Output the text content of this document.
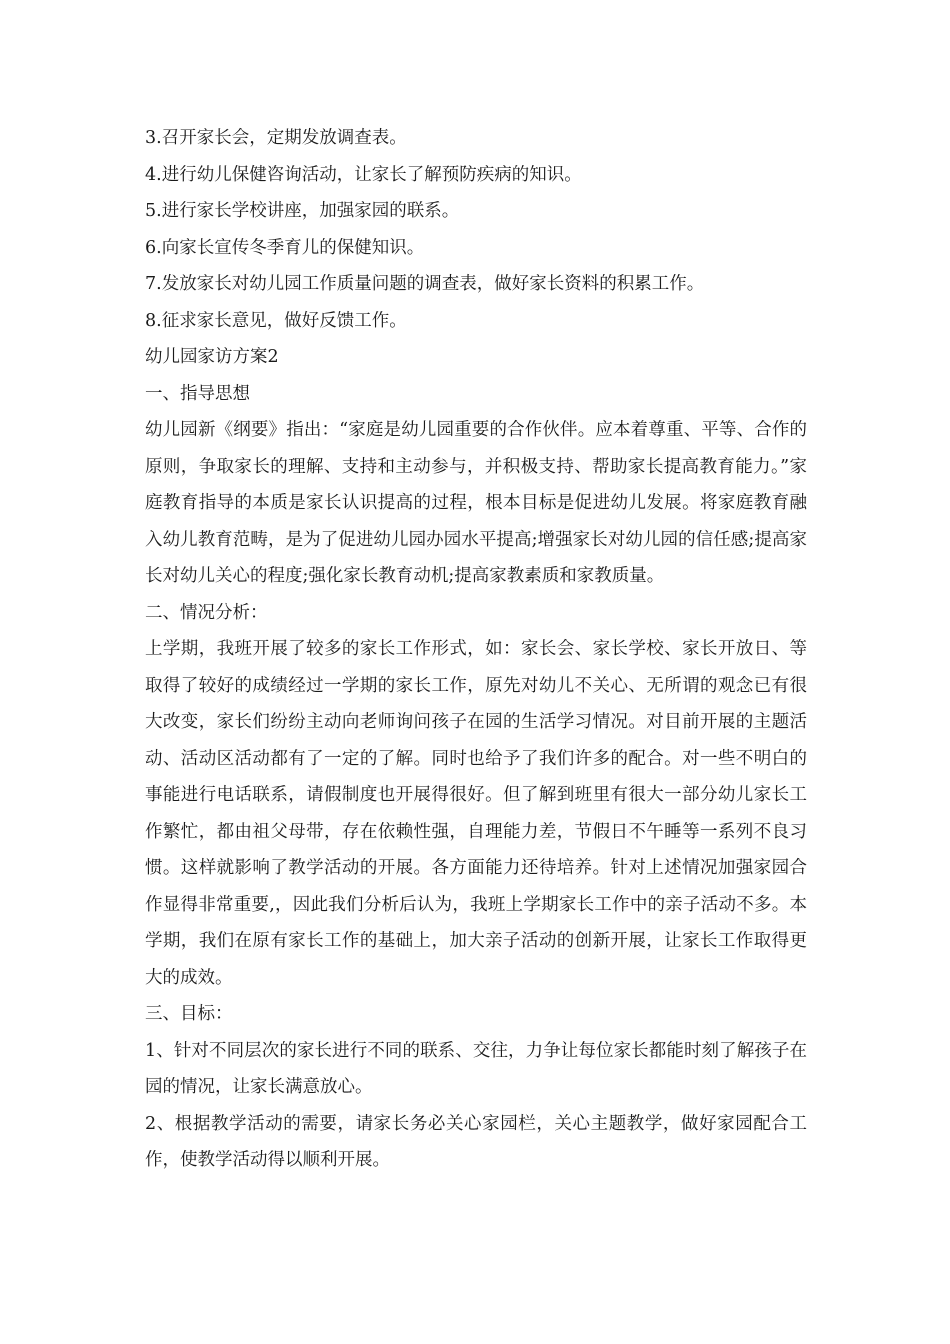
3.召开家长会，定期发放调查表。

4.进行幼儿保健咨询活动，让家长了解预防疾病的知识。

5.进行家长学校讲座，加强家园的联系。

6.向家长宣传冬季育儿的保健知识。

7.发放家长对幼儿园工作质量问题的调查表，做好家长资料的积累工作。

8.征求家长意见，做好反馈工作。

幼儿园家访方案2

一、指导思想

幼儿园新《纲要》指出：“家庭是幼儿园重要的合作伙伴。应本着尊重、平等、合作的原则，争取家长的理解、支持和主动参与，并积极支持、帮助家长提高教育能力。”家庭教育指导的本质是家长认识提高的过程，根本目标是促进幼儿发展。将家庭教育融入幼儿教育范畴，是为了促进幼儿园办园水平提高;增强家长对幼儿园的信任感;提高家长对幼儿关心的程度;强化家长教育动机;提高家教素质和家教质量。

二、情况分析：

上学期，我班开展了较多的家长工作形式，如：家长会、家长学校、家长开放日、等取得了较好的成绩经过一学期的家长工作，原先对幼儿不关心、无所谓的观念已有很大改变，家长们纷纷主动向老师询问孩子在园的生活学习情况。对目前开展的主题活动、活动区活动都有了一定的了解。同时也给予了我们许多的配合。对一些不明白的事能进行电话联系，请假制度也开展得很好。但了解到班里有很大一部分幼儿家长工作繁忙，都由祖父母带，存在依赖性强，自理能力差，节假日不午睡等一系列不良习惯。这样就影响了教学活动的开展。各方面能力还待培养。针对上述情况加强家园合作显得非常重要,，因此我们分析后认为，我班上学期家长工作中的亲子活动不多。本学期，我们在原有家长工作的基础上，加大亲子活动的创新开展，让家长工作取得更大的成效。

三、目标：

1、针对不同层次的家长进行不同的联系、交往，力争让每位家长都能时刻了解孩子在园的情况，让家长满意放心。

2、根据教学活动的需要，请家长务必关心家园栏，关心主题教学，做好家园配合工作，使教学活动得以顺利开展。
